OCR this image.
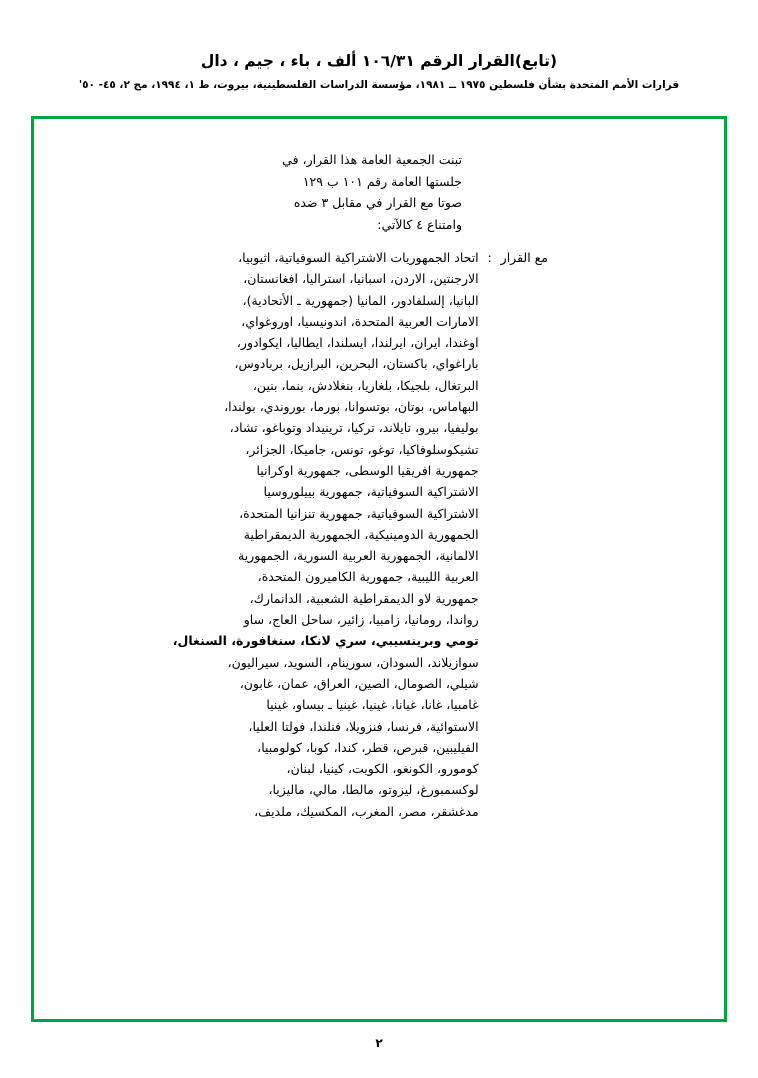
(تابع)القرار الرقم ١٠٦/٣١ ألف ، باء ، جيم ، دال
قرارات الأمم المتحدة بشأن فلسطين ١٩٧٥ ــ ١٩٨١، مؤسسة الدراسات الفلسطينية، بيروت، ط ١، ١٩٩٤، مج ٢، ٤٥- ٥٠'
تبنت الجمعية العامة هذا القرار، في
جلستها العامة رقم ١٠١ ب ١٢٩
صوتا مع القرار في مقابل ٣ ضده
وامتناع ٤ كالآتي:
مع القرار
:
اتحاد الجمهوريات الاشتراكية السوفياتية، اثيوبيا،
الارجنتين، الاردن، اسبانيا، استراليا، افغانستان،
البانيا، إلسلفادور، المانيا (جمهورية ـ الأتحادية)،
الامارات العربية المتحدة، اندونيسيا، اوروغواي،
اوغندا، ايران، ايرلندا، ايسلندا، ايطاليا، ايكوادور،
باراغواي، باكستان، البحرين، البرازيل، بربادوس،
البرتغال، بلجيكا، بلغاريا، بنغلادش، بنما، بنين،
البهاماس، بوتان، بوتسوانا، بورما، بوروندي، بولندا،
بوليفيا، بيرو، تايلاند، تركيا، ترينيداد وتوباغو، تشاد،
تشيكوسلوفاكيا، توغو، تونس، جاميكا، الجزائر،
جمهورية افريقيا الوسطى، جمهورية اوكرانيا
الاشتراكية السوفياتية، جمهورية بييلوروسيا
الاشتراكية السوفياتية، جمهورية تنزانيا المتحدة،
الجمهورية الدومينيكية، الجمهورية الديمقراطية
الالمانية، الجمهورية العربية السورية، الجمهورية
العربية الليبية، جمهورية الكاميرون المتحدة،
جمهورية لاو الديمقراطية الشعبية، الدانمارك،
رواندا، رومانيا، زامبيا، زائير، ساحل العاج، ساو
تومي وبرينسيبي، سري لانكا، سنغافورة، السنغال،
سوازيلاند، السودان، سورينام، السويد، سيراليون،
شيلي، الصومال، الصين، العراق، عمان، غابون،
غامبيا، غانا، غيانا، غينيا، غينيا ـ بيساو، غينيا
الاستوائية، فرنسا، فنزويلا، فنلندا، فولتا العليا،
الفيليبين، قبرص، قطر، كندا، كوبا، كولومبيا،
كومورو، الكونغو، الكويت، كينيا، لبنان،
لوكسمبورغ، ليزوتو، مالطا، مالي، ماليزيا،
مدغشقر، مصر، المغرب، المكسيك، ملديف،
٢
